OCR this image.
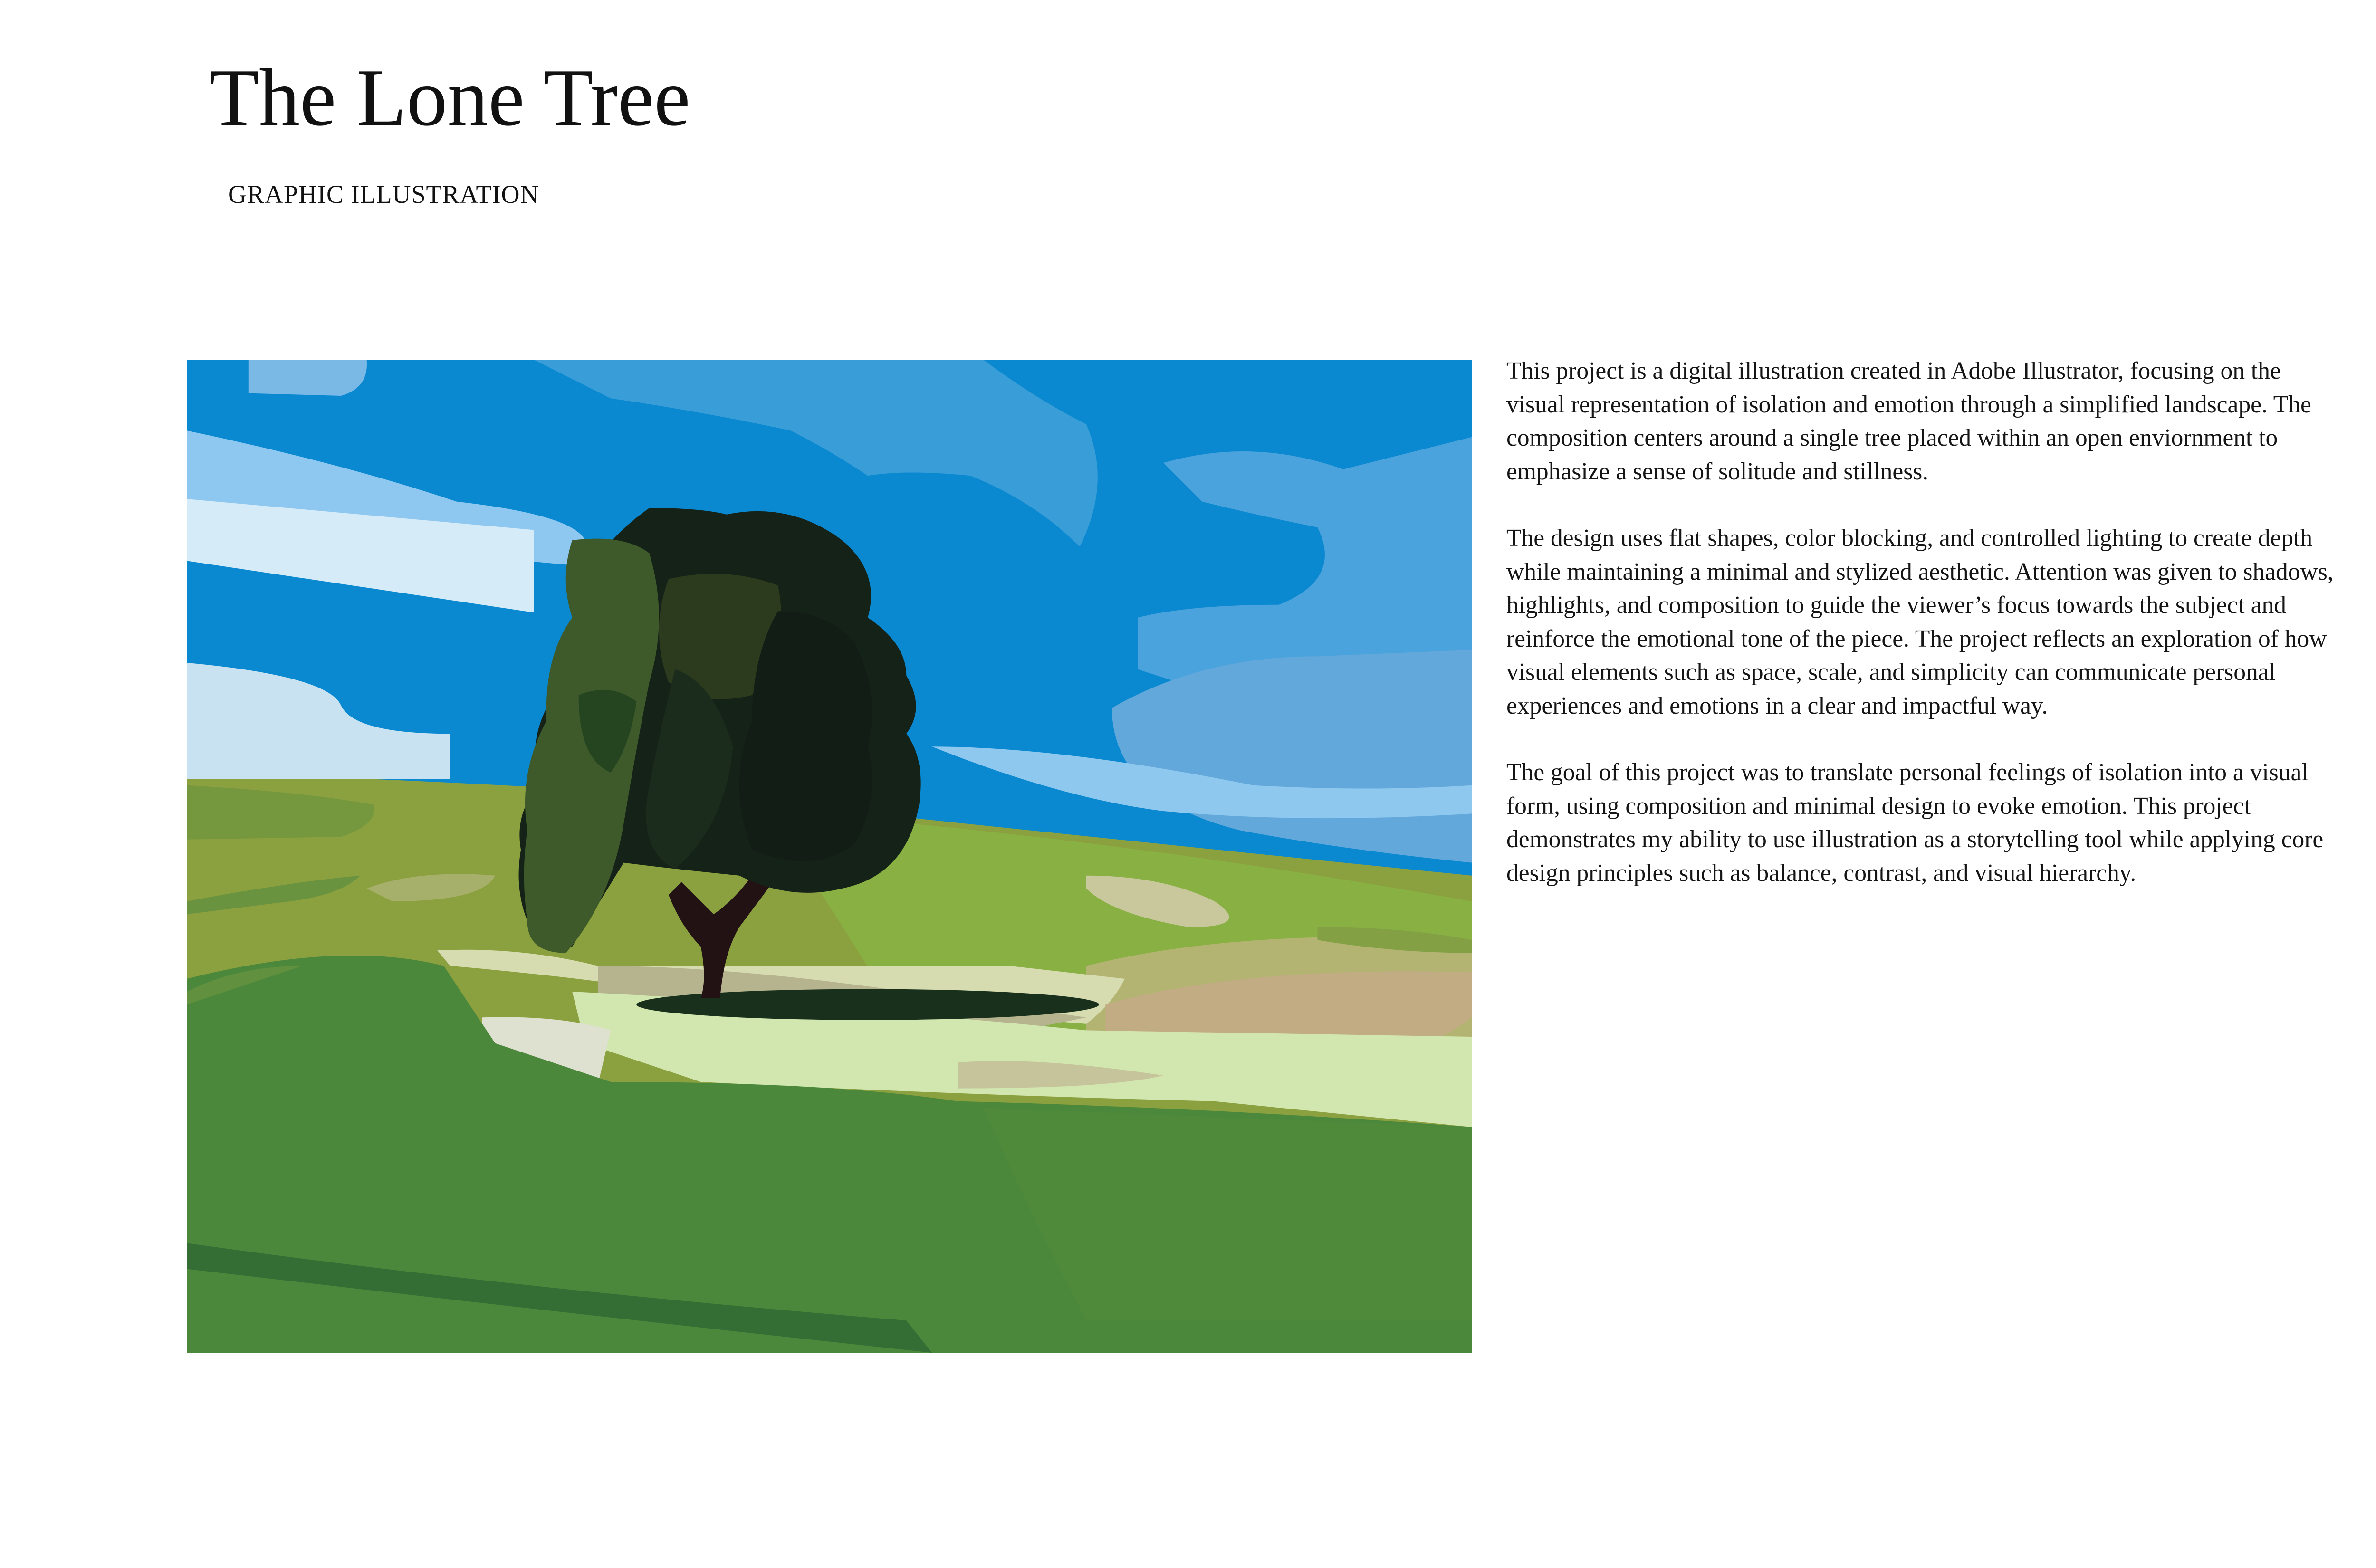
The Lone Tree
GRAPHIC ILLUSTRATION

This project is a digital illustration created in Adobe Illustrator, focusing on the visual representation of isolation and emotion through a simplified landscape. The composition centers around a single tree placed within an open enviornment to emphasize a sense of solitude and stillness.

The design uses flat shapes, color blocking, and controlled lighting to create depth while maintaining a minimal and stylized aesthetic. Attention was given to shadows, highlights, and composition to guide the viewer’s focus towards the subject and reinforce the emotional tone of the piece. The project reflects an exploration of how visual elements such as space, scale, and simplicity can communicate personal experiences and emotions in a clear and impactful way.

The goal of this project was to translate personal feelings of isolation into a visual form, using composition and minimal design to evoke emotion. This project demonstrates my ability to use illustration as a storytelling tool while applying core design principles such as balance, contrast, and visual hierarchy.
